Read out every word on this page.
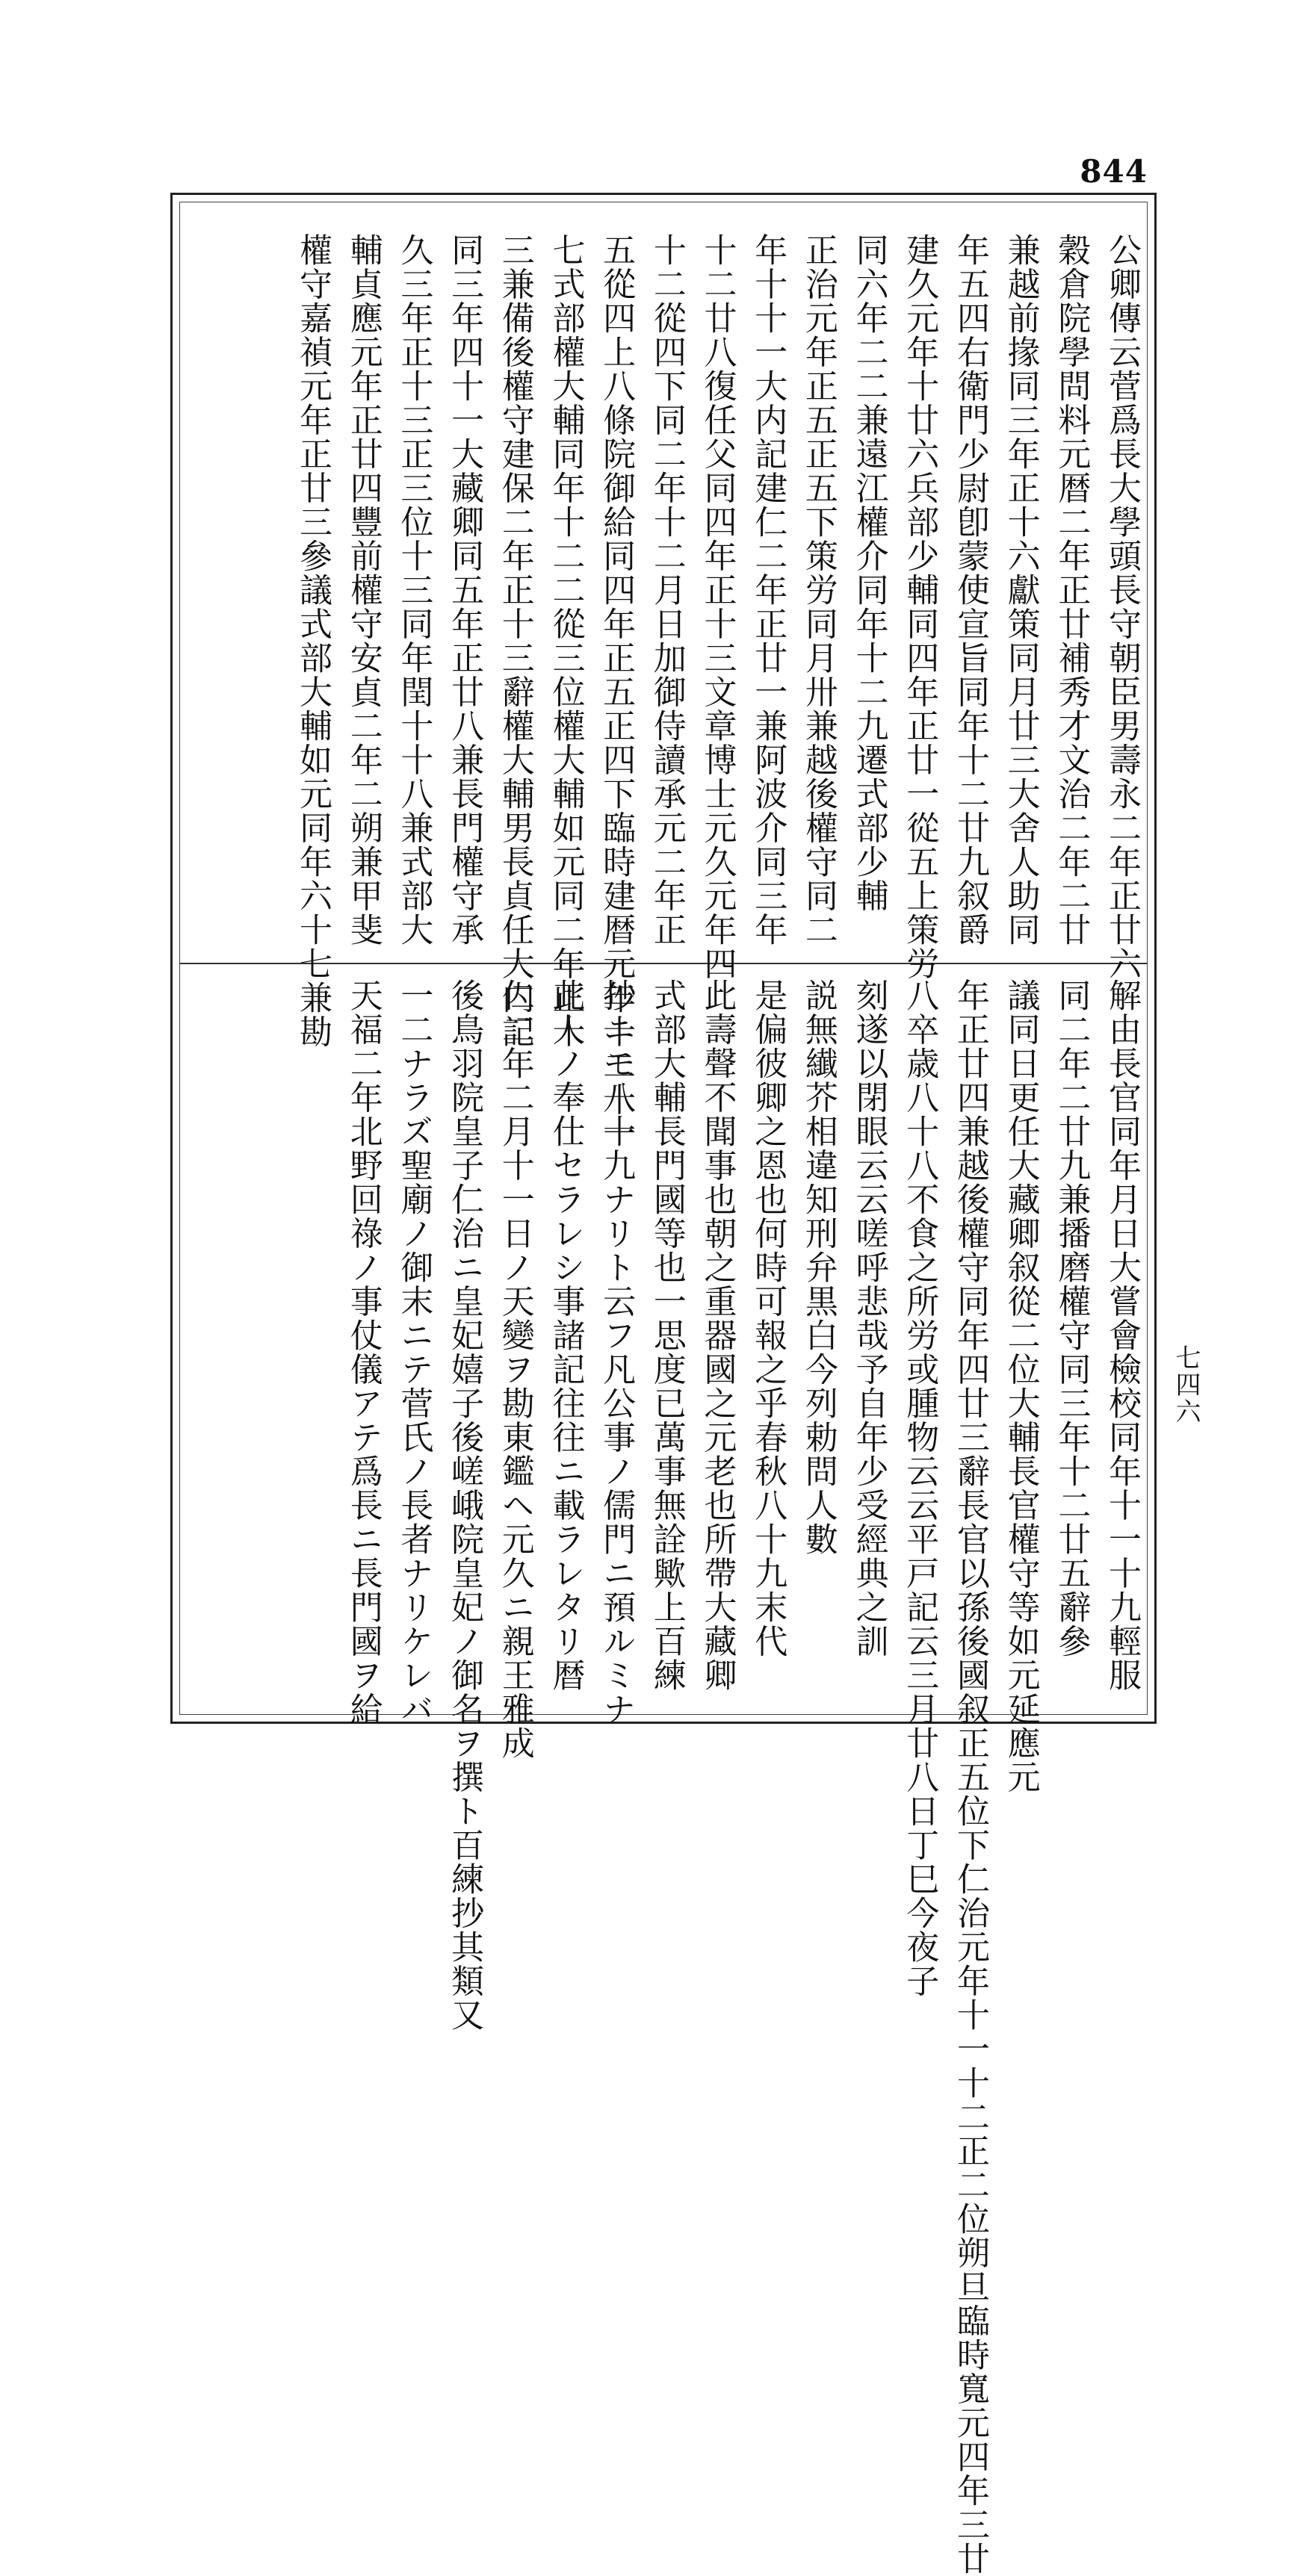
844
公卿傳云菅爲長大學頭長守朝臣男壽永二年正廿六
穀倉院學問料元暦二年正廿補秀才文治二年二廿
兼越前掾同三年正十六獻策同月廿三大舍人助同
年五四右衛門少尉卽蒙使宣旨同年十二廿九叙爵
建久元年十廿六兵部少輔同四年正廿一從五上策労
同六年二二兼遠江權介同年十二九遷式部少輔
正治元年正五正五下策労同月卅兼越後權守同二
年十十一大内記建仁二年正廿一兼阿波介同三年
十二廿八復任父同四年正十三文章博士元久元年四
十二從四下同二年十二月日加御侍讀承元二年正
五從四上八條院御給同四年正五正四下臨時建暦元年十二十一
七式部權大輔同年十二二從三位權大輔如元同二年正十
三兼備後權守建保二年正十三辭權大輔男長貞任大内記
同三年四十一大藏卿同五年正廿八兼長門權守承
久三年正十三正三位十三同年閏十十八兼式部大
輔貞應元年正廿四豐前權守安貞二年二朔兼甲斐
權守嘉禎元年正廿三參議式部大輔如元同年六十七兼勘
解由長官同年月日大嘗會檢校同年十一十九輕服
同二年二廿九兼播磨權守同三年十二廿五辭參
議同日更任大藏卿叙從二位大輔長官權守等如元延應元
年正廿四兼越後權守同年四廿三辭長官以孫後國叙正五位下仁治元年十一十二正二位朔旦臨時寬元四年三廿
八卒歳八十八不食之所労或腫物云云平戸記云三月廿八日丁巳今夜子
刻遂以閉眼云云嗟呼悲哉予自年少受經典之訓
説無纎芥相違知刑弁黒白今列勅問人數
是偏彼卿之恩也何時可報之乎春秋八十九末代
此壽聲不聞事也朝之重器國之元老也所帶大藏卿
式部大輔長門國等也一思度已萬事無詮歟上百練
抄ニモ八十九ナリト云フ凡公事ノ儒門ニ預ルミナ
此人ノ奉仕セラレシ事諸記往往ニ載ラレタリ暦
仁二年二月十一日ノ天變ヲ勘東鑑ヘ元久ニ親王雅成
後鳥羽院皇子仁治ニ皇妃嬉子後嵯峨院皇妃ノ御名ヲ撰ト百練抄其類又
一二ナラズ聖廟ノ御末ニテ菅氏ノ長者ナリケレバ
天福二年北野回祿ノ事仗儀アテ爲長ニ長門國ヲ給	七四六
